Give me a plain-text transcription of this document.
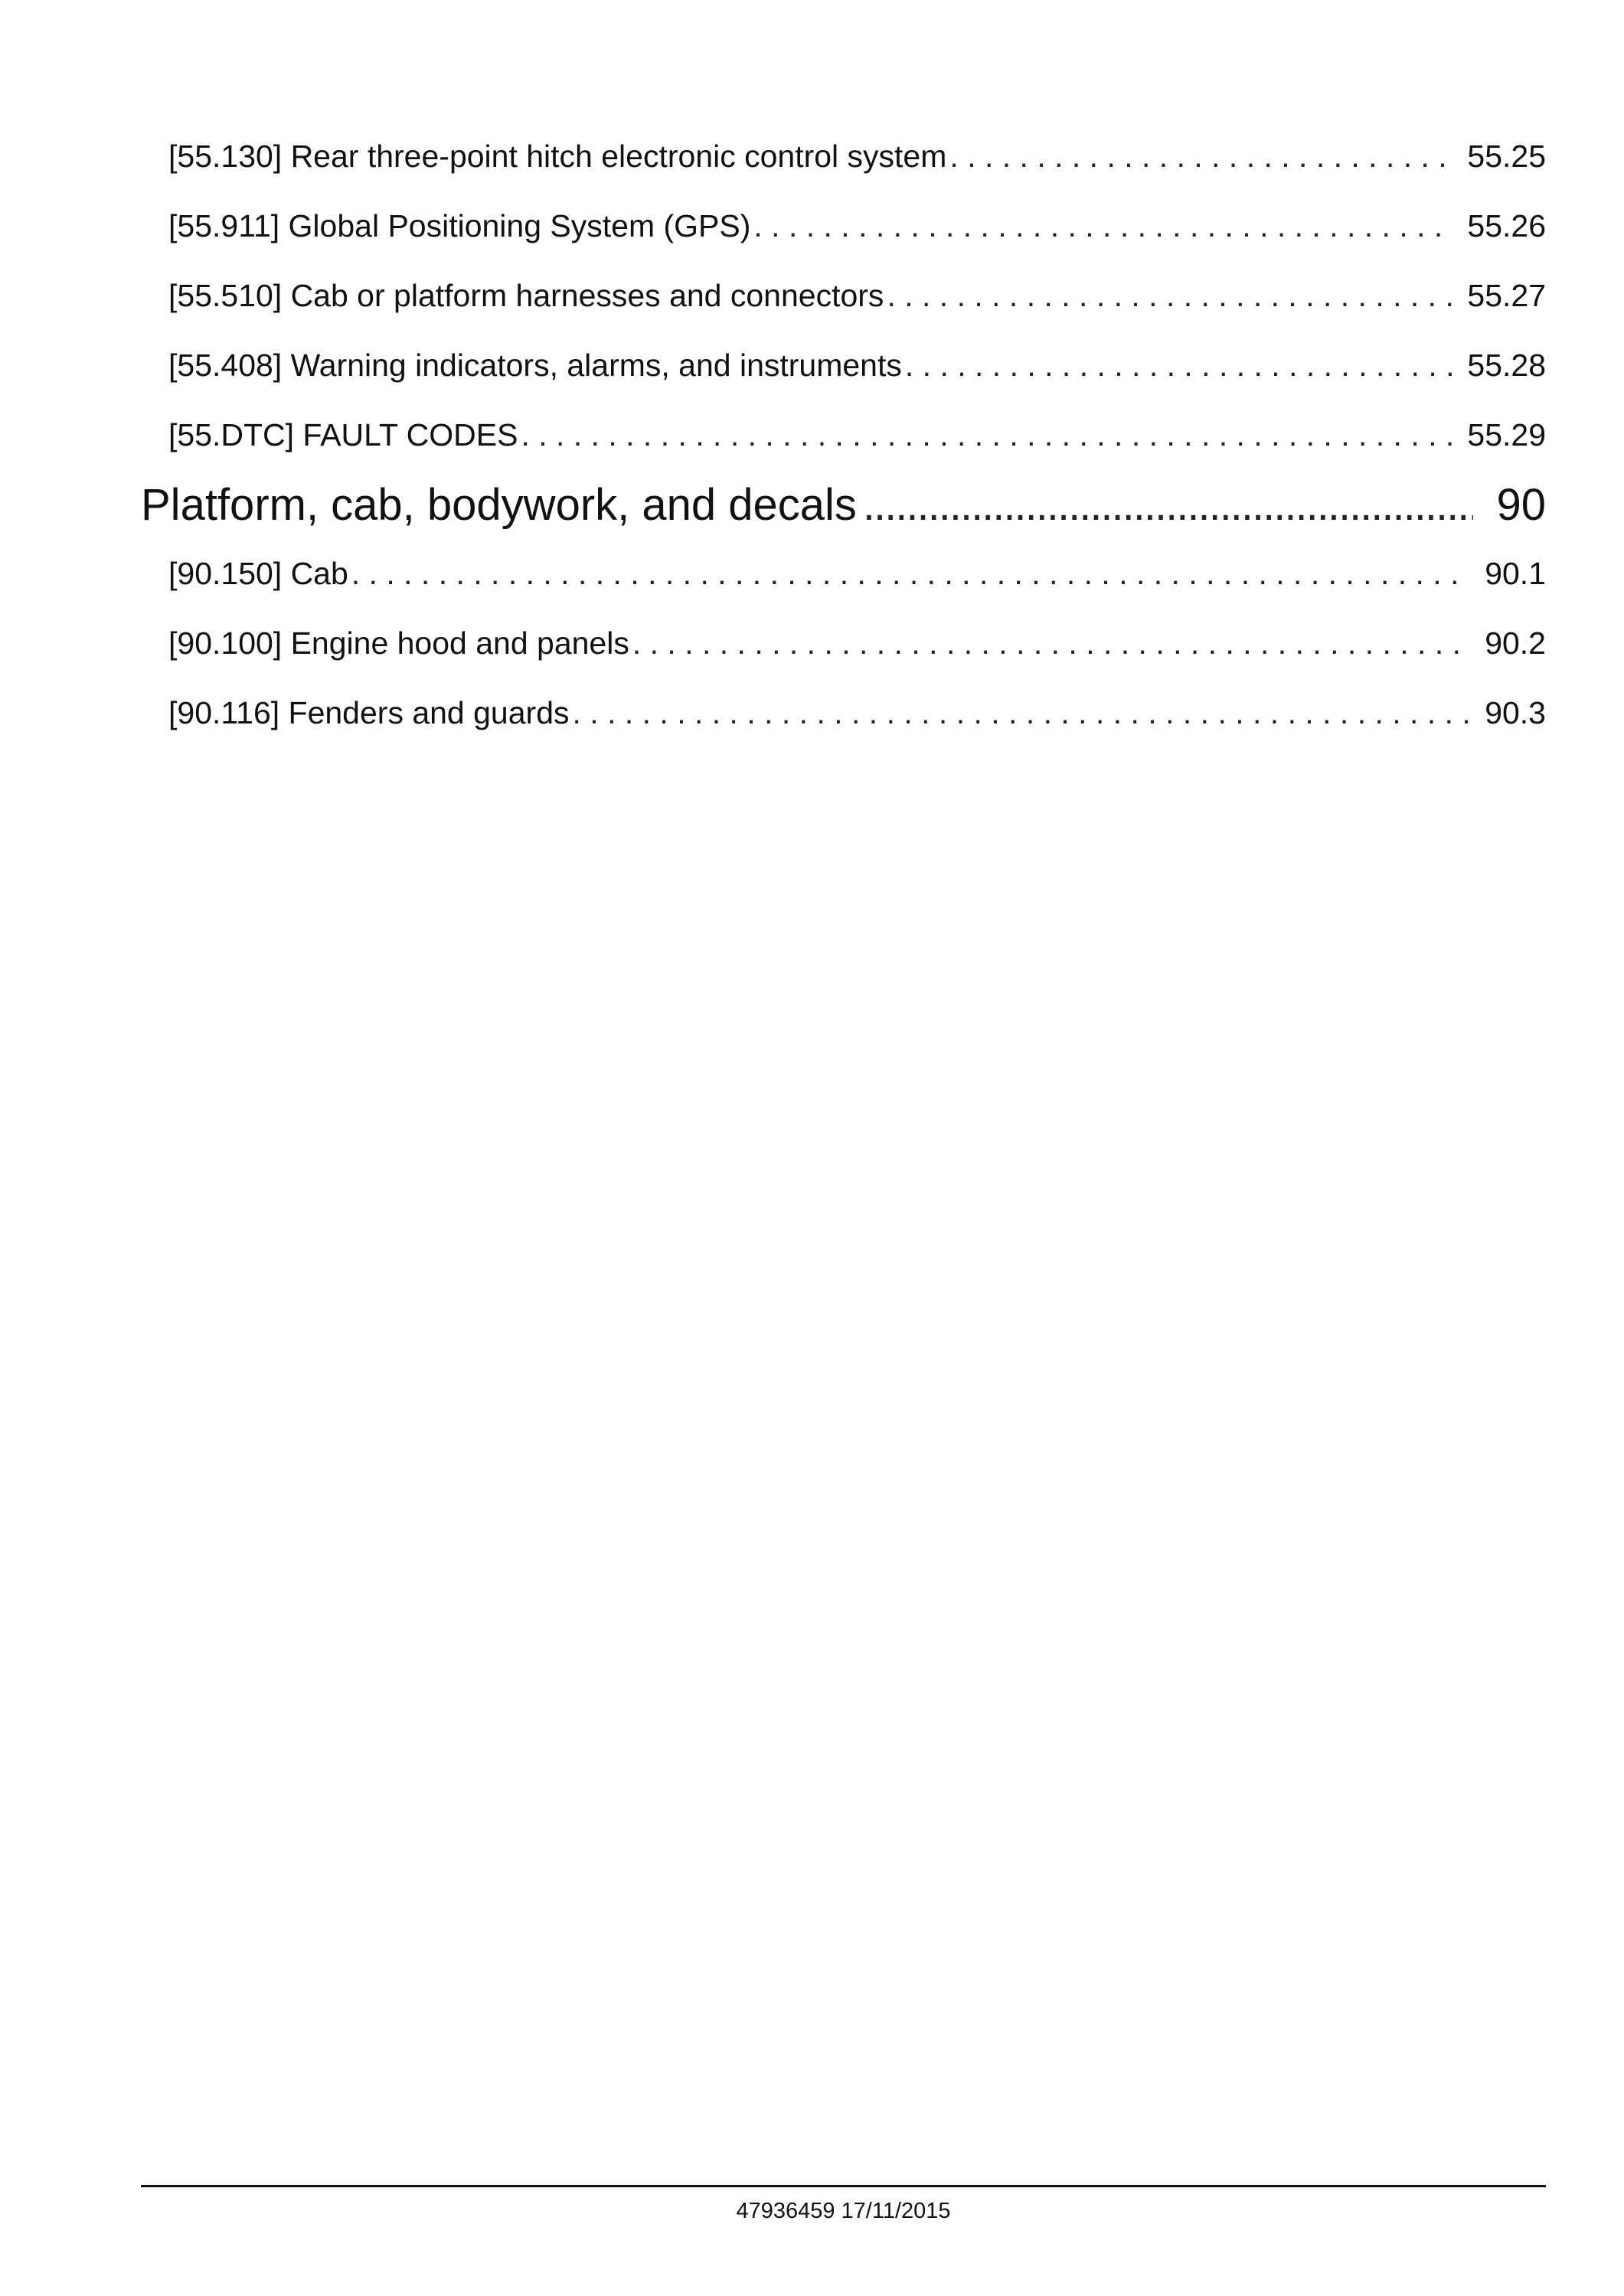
[55.130] Rear three-point hitch electronic control system . . .	55.25
[55.911] Global Positioning System (GPS) . . .	55.26
[55.510] Cab or platform harnesses and connectors . . .	55.27
[55.408] Warning indicators, alarms, and instruments . . .	55.28
[55.DTC] FAULT CODES . . .	55.29
Platform, cab, bodywork, and decals .....	90
[90.150] Cab . . .	90.1
[90.100] Engine hood and panels . . .	90.2
[90.116] Fenders and guards . . .	90.3
47936459 17/11/2015
